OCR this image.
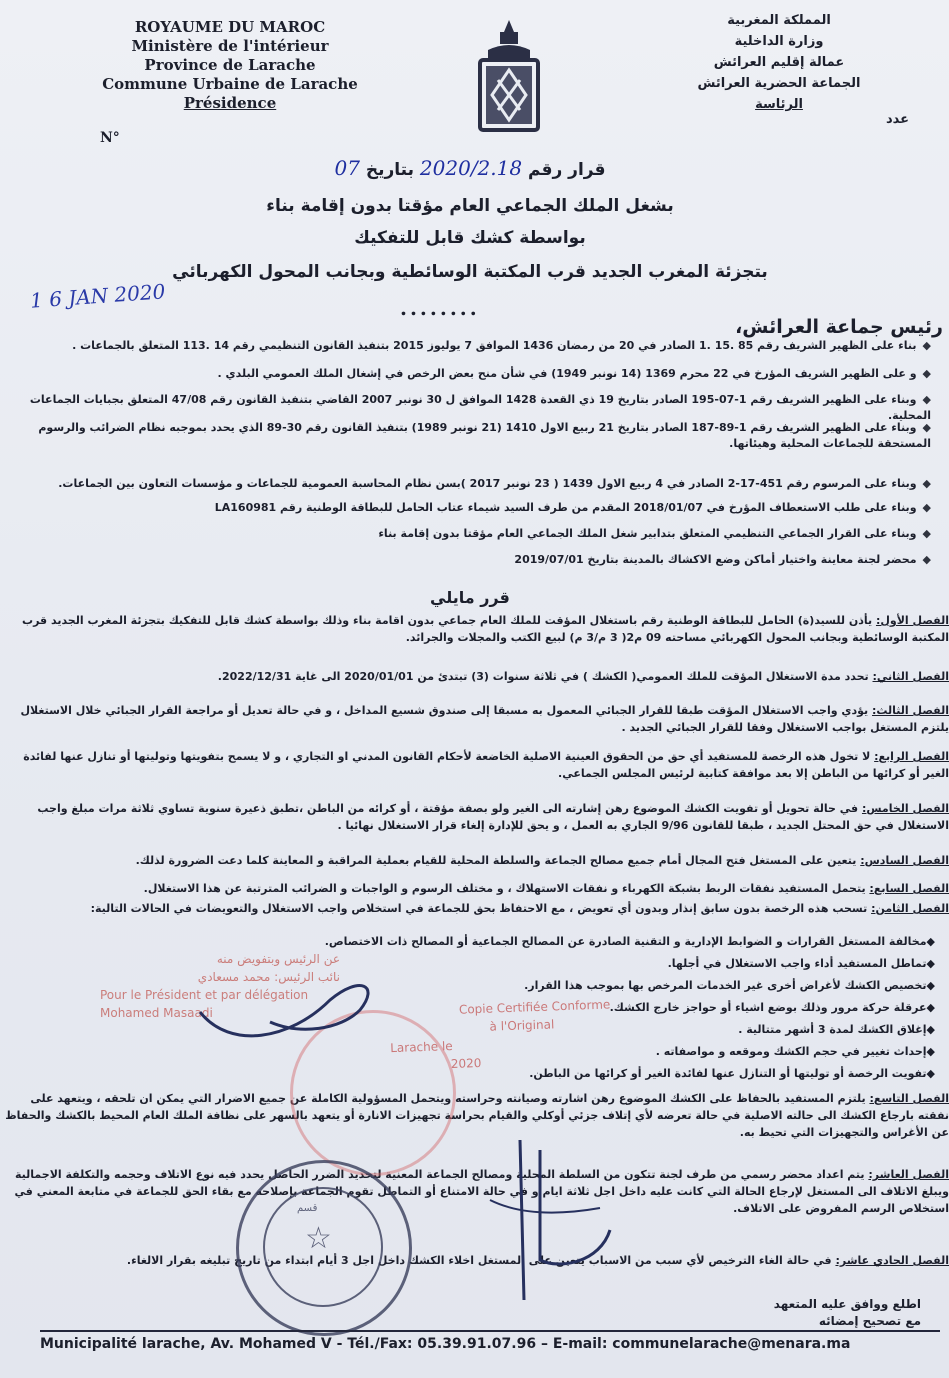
ROYAUME DU MAROC
Ministère de l'intérieur
Province de Larache
Commune Urbaine de Larache
Présidence
N°
المملكة المغربية
وزارة الداخلية
عمالة إقليم العرائش
الجماعة الحضرية العرائش
الرئاسة
عدد
قرار رقم 2020/2.18 بتاريخ 07
بشغل الملك الجماعي العام مؤقتا بدون إقامة بناء
بواسطة كشك قابل للتفكيك
بتجزئة المغرب الجديد قرب المكتبة الوسائطية وبجانب المحول الكهربائي
1 6 JAN 2020	........
رئيس جماعة العرائش،
◆بناء على الظهير الشريف رقم 85 .15 .1 الصادر في 20 من رمضان 1436 الموافق 7 يوليوز 2015 بتنفيذ القانون التنظيمي رقم 14 .113 المتعلق بالجماعات .
◆و على الظهير الشريف المؤرخ في 22 محرم 1369 (14 نونبر 1949) في شأن منح بعض الرخص في إشغال الملك العمومي البلدي .
◆وبناء على الظهير الشريف رقم 1-07-195 الصادر بتاريخ 19 ذي القعدة 1428 الموافق ل 30 نونبر 2007 القاضي بتنفيذ القانون رقم 47/08 المتعلق بجبايات الجماعات المحلية.
◆وبناء على الظهير الشريف رقم 1-89-187 الصادر بتاريخ 21 ربيع الاول 1410 (21 نونبر 1989) بتنفيذ القانون رقم 30-89 الذي يحدد بموجبه نظام الضرائب والرسوم المستحقة للجماعات المحلية وهيئاتها.
◆وبناء على المرسوم رقم 451-17-2 الصادر في 4 ربيع الاول 1439 ( 23 نونبر 2017 )بسن نظام المحاسبة العمومية للجماعات و مؤسسات التعاون بين الجماعات.
◆وبناء على طلب الاستعطاف المؤرخ في 2018/01/07 المقدم من طرف السيد شيماء عتاب الحامل للبطاقة الوطنية رقم LA160981
◆وبناء على القرار الجماعي التنظيمي المتعلق بتدابير شغل الملك الجماعي العام مؤقتا بدون إقامة بناء
◆محضر لجنة معاينة واختيار أماكن وضع الاكشاك بالمدينة بتاريخ 2019/07/01
قرر مايلي
الفصل الأول: يأذن للسيد(ة) الحامل للبطاقة الوطنية رقم باستغلال المؤقت للملك العام جماعي بدون اقامة بناء وذلك بواسطة كشك قابل للتفكيك بتجزئة المغرب الجديد قرب المكتبة الوسائطية وبجانب المحول الكهربائي مساحته 09 م2( 3 م/3 م) لبيع الكتب والمجلات والجرائد.
الفصل الثاني: تحدد مدة الاستغلال المؤقت للملك العمومي( الكشك ) في ثلاثة سنوات (3) تبتدئ من 2020/01/01 الى غاية 2022/12/31.
الفصل الثالث: يؤدي واجب الاستغلال المؤقت طبقا للقرار الجبائي المعمول به مسبقا إلى صندوق شسيع المداخل ، و في حالة تعديل أو مراجعة القرار الجبائي خلال الاستغلال يلتزم المستغل بواجب الاستغلال وفقا للقرار الجبائي الجديد .
الفصل الرابع: لا تخول هذه الرخصة للمستفيد أي حق من الحقوق العينية الاصلية الخاضعة لأحكام القانون المدني او التجاري ، و لا يسمح بتفويتها وتوليتها أو تنازل عنها لفائدة الغير أو كرائها من الباطن إلا بعد موافقة كتابية لرئيس المجلس الجماعي.
الفصل الخامس: في حالة تحويل أو تفويت الكشك الموضوع رهن إشارته الى الغير ولو بصفة مؤقتة ، أو كرائه من الباطن ،تطبق ذعيرة سنوية تساوي ثلاثة مرات مبلغ واجب الاستغلال في حق المحتل الجديد ، طبقا للقانون 9/96 الجاري به العمل ، و يحق للإدارة إلغاء قرار الاستغلال نهائيا .
الفصل السادس: يتعين على المستغل فتح المجال أمام جميع مصالح الجماعة والسلطة المحلية للقيام بعملية المراقبة و المعاينة كلما دعت الضرورة لذلك.
الفصل السابع: يتحمل المستفيد نفقات الربط بشبكة الكهرباء و نفقات الاستهلاك ، و مختلف الرسوم و الواجبات و الضرائب المترتبة عن هذا الاستغلال.
الفصل الثامن: تسحب هذه الرخصة بدون سابق إنذار وبدون أي تعويض ، مع الاحتفاظ بحق للجماعة في استخلاص واجب الاستغلال والتعويضات في الحالات التالية:
◆مخالفة المستغل القرارات و الضوابط الإدارية و التقنية الصادرة عن المصالح الجماعية أو المصالح ذات الاختصاص.
◆تماطل المستفيد أداء واجب الاستغلال في أجلها.
◆تخصيص الكشك لأغراض أخرى غير الخدمات المرخص بها بموجب هذا القرار.
◆عرقلة حركة مرور وذلك بوضع اشياء أو حواجز خارج الكشك.
◆إغلاق الكشك لمدة 3 أشهر متتالية .
◆إحداث تغيير في حجم الكشك وموقعه و مواصفاته .
◆تفويت الرخصة أو توليتها أو التنازل عنها لفائدة الغير أو كرائها من الباطن.
الفصل التاسع: يلتزم المستفيد بالحفاظ على الكشك الموضوع رهن اشارته وصيانته وحراسته ويتحمل المسؤولية الكاملة عن جميع الاضرار التي يمكن ان تلحقه ، ويتعهد على نفقته بارجاع الكشك الى حالته الاصلية في حالة تعرضه لأي إتلاف جزئي أوكلي والقيام بحراسة تجهيزات الانارة أو يتعهد بالسهر على نظافة الملك العام المحيط بالكشك والحفاظ عن الأغراس والتجهيزات التي تحيط به.
الفصل العاشر: يتم اعداد محضر رسمي من طرف لجنة تتكون من السلطة المحلية ومصالح الجماعة المعنية لتحديد الضرر الحاصل يحدد فيه نوع الاتلاف وحجمه والتكلفة الاجمالية ويبلغ الاتلاف الى المستغل لإرجاع الحالة التي كانت عليه داخل اجل ثلاثة ايام و في حالة الامتناع أو التماطل تقوم الجماعة بإصلاحه مع بقاء الحق للجماعة في متابعة المعني في استخلاص الرسم المفروض على الاتلاف.
الفصل الحادي عاشر: في حالة الغاء الترخيص لأي سبب من الاسباب يتعين على المستغل اخلاء الكشك داخل اجل 3 أيام ابتداء من تاريخ تبليغه بقرار الالغاء.
عن الرئيس وبتفويض منه
نائب الرئيس: محمد مسعادي
Pour le Président et par délégation
Mohamed Masaadi	Copie Certifiée Conforme
à l'Original
Larache le
2020
قسم
☆
اطلع ووافق عليه المتعهد
مع تصحيح إمضائه
Municipalité larache, Av. Mohamed V - Tél./Fax: 05.39.91.07.96 – E-mail: communelarache@menara.ma
